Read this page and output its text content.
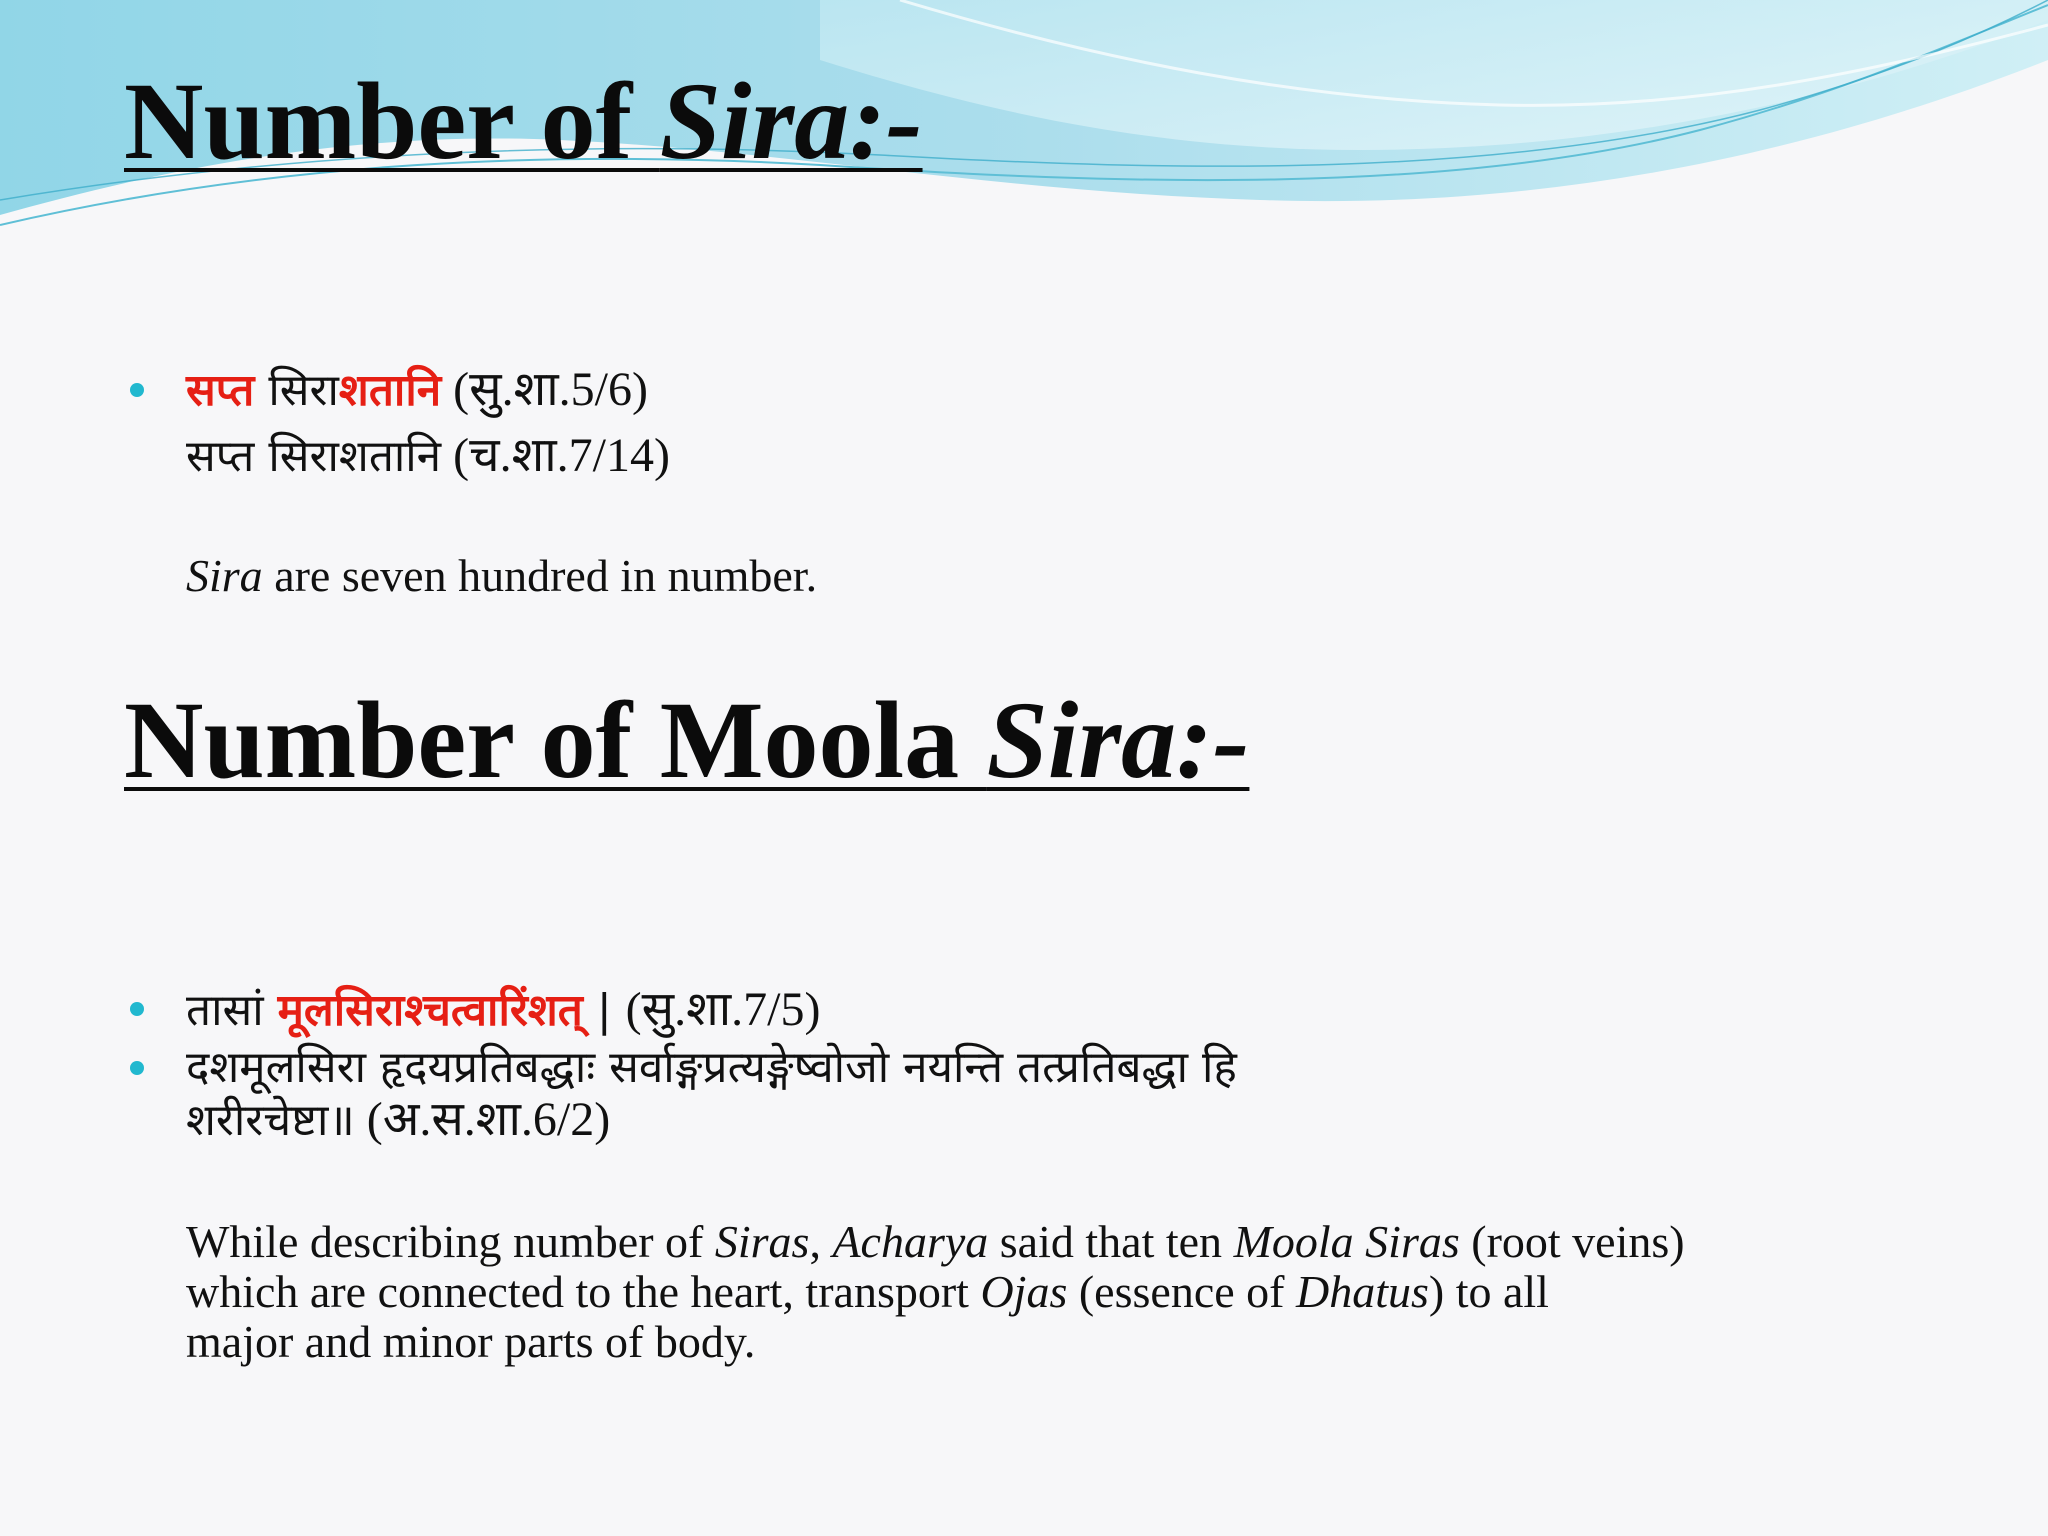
Number of Sira:-

सप्त सिराशतानि (सु.शा.5/6)

सप्त सिराशतानि (च.शा.7/14)

Sira are seven hundred in number.

Number of Moola Sira:-

तासां मूलसिराश्चत्वारिंशत् | (सु.शा.7/5)

दशमूलसिरा हृदयप्रतिबद्धाः सर्वाङ्गप्रत्यङ्गेष्वोजो नयन्ति तत्प्रतिबद्धा हि

शरीरचेष्टा॥ (अ.स.शा.6/2)

While describing number of Siras, Acharya said that ten Moola Siras (root veins)
which are connected to the heart, transport Ojas (essence of Dhatus) to all
major and minor parts of body.
